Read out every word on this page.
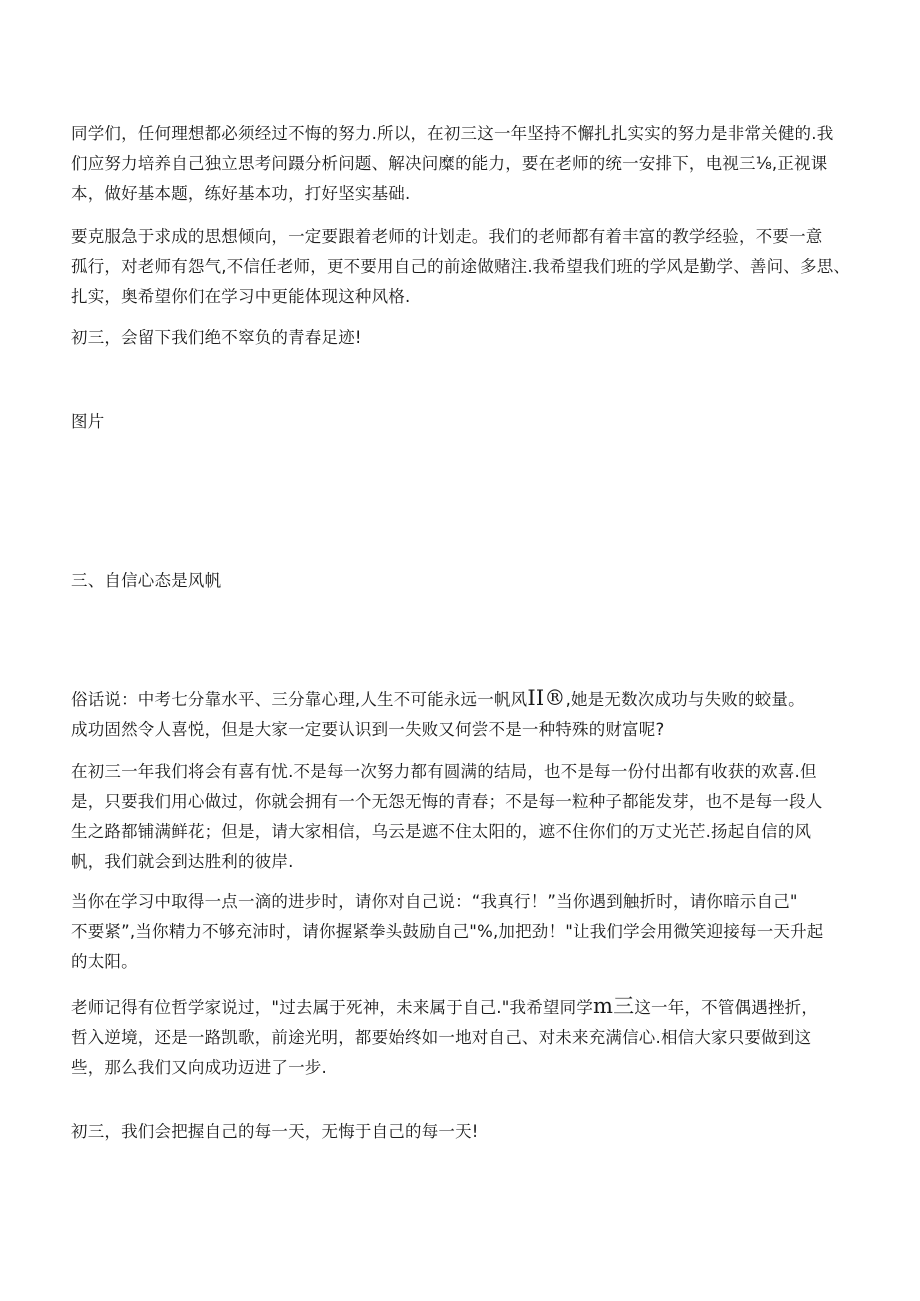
同学们，任何理想都必须经过不悔的努力.所以，在初三这一年坚持不懈扎扎实实的努力是非常关健的.我
们应努力培养自己独立思考问蹑分析问题、解决问糜的能力，要在老师的统一安排下，电视三⅛,正视课
本，做好基本题，练好基本功，打好坚实基础.

要克服急于求成的思想倾向，一定要跟着老师的计划走。我们的老师都有着丰富的教学经验，不要一意
孤行，对老师有怨气,不信任老师，更不要用自己的前途做赌注.我希望我们班的学风是勤学、善问、多思、
扎实，奥希望你们在学习中更能体现这种风格.

初三，会留下我们绝不窣负的青春足迹!

图片

三、自信心态是风帆

俗话说：中考七分靠水平、三分靠心理,人生不可能永远一帆风II®,她是无数次成功与失败的蛟量。
成功固然令人喜悦，但是大家一定要认识到一失败又何尝不是一种特殊的财富呢?

在初三一年我们将会有喜有忧.不是每一次努力都有圆满的结局，也不是每一份付出都有收获的欢喜.但
是，只要我们用心做过，你就会拥有一个无怨无悔的青春；不是每一粒种子都能发芽，也不是每一段人
生之路都铺满鲜花；但是，请大家相信，乌云是遮不住太阳的，遮不住你们的万丈光芒.扬起自信的风
帆，我们就会到达胜利的彼岸.

当你在学习中取得一点一滴的进步时，请你对自己说：“我真行！”当你遇到触折时，请你暗示自己"
不要紧”,当你精力不够充沛时，请你握紧拳头鼓励自己"%,加把劲！"让我们学会用微笑迎接每一天升起
的太阳。

老师记得有位哲学家说过，"过去属于死神，未来属于自己."我希望同学m三这一年，不管偶遇挫折，
哲入逆境，还是一路凯歌，前途光明，都要始终如一地对自己、对未来充满信心.相信大家只要做到这
些，那么我们又向成功迈进了一步.

初三，我们会把握自己的每一天，无悔于自己的每一天!
